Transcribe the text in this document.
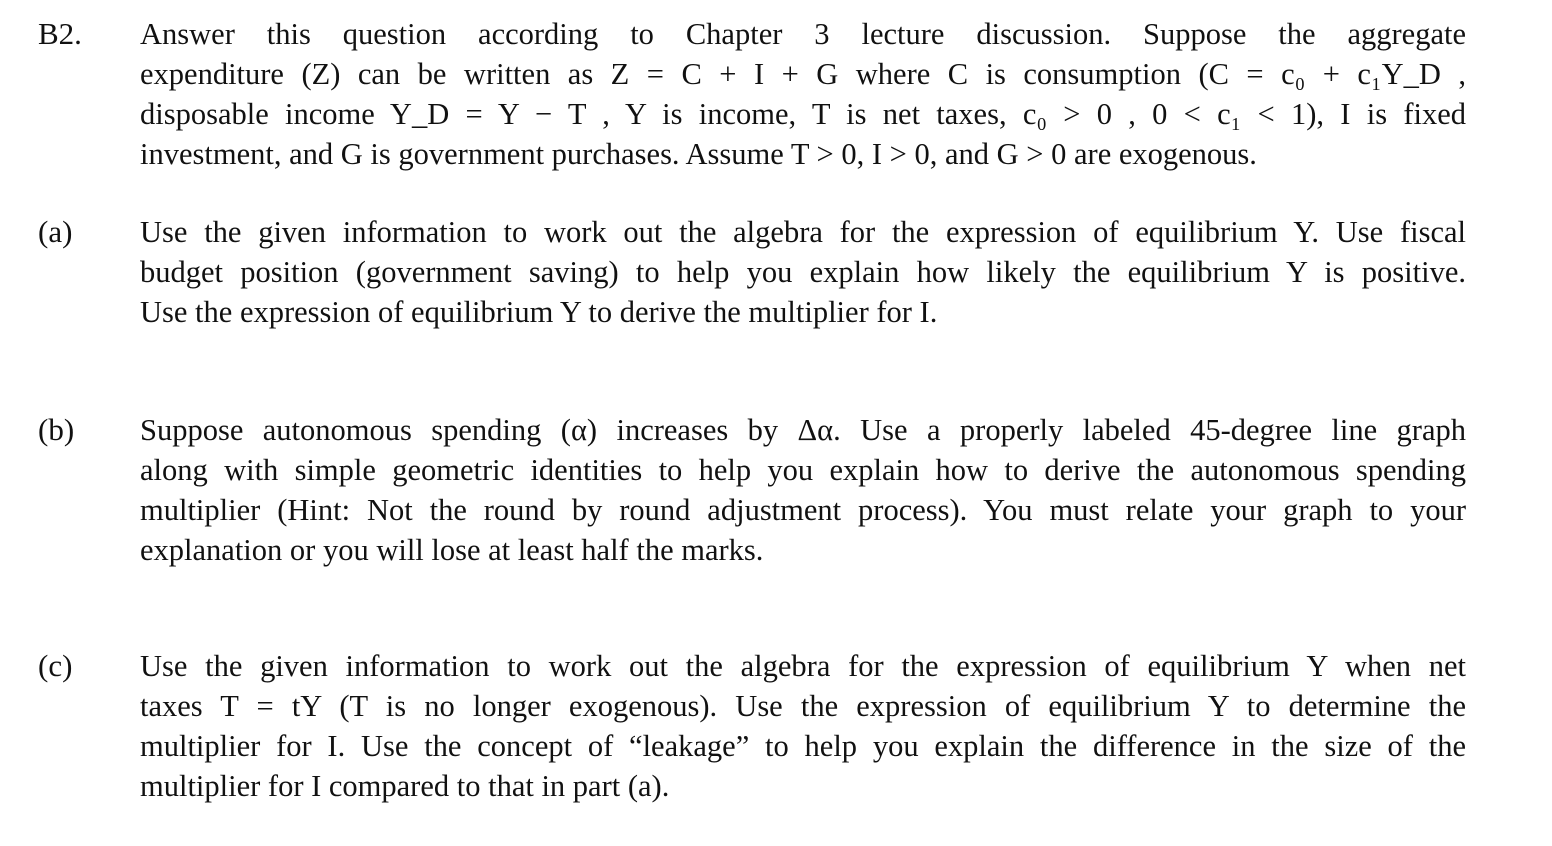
B2. Answer this question according to Chapter 3 lecture discussion. Suppose the aggregate
expenditure (Z) can be written as Z = C + I + G where C is consumption (C = c₀ + c₁Y_D ,
disposable income Y_D = Y − T , Y is income, T is net taxes, c₀ > 0 , 0 < c₁ < 1), I is fixed
investment, and G is government purchases. Assume T > 0, I > 0, and G > 0 are exogenous.
(a) Use the given information to work out the algebra for the expression of equilibrium Y. Use fiscal
budget position (government saving) to help you explain how likely the equilibrium Y is positive.
Use the expression of equilibrium Y to derive the multiplier for I.
(b) Suppose autonomous spending (α) increases by Δα. Use a properly labeled 45-degree line graph
along with simple geometric identities to help you explain how to derive the autonomous spending
multiplier (Hint: Not the round by round adjustment process). You must relate your graph to your
explanation or you will lose at least half the marks.
(c) Use the given information to work out the algebra for the expression of equilibrium Y when net
taxes T = tY (T is no longer exogenous). Use the expression of equilibrium Y to determine the
multiplier for I. Use the concept of “leakage” to help you explain the difference in the size of the
multiplier for I compared to that in part (a).
